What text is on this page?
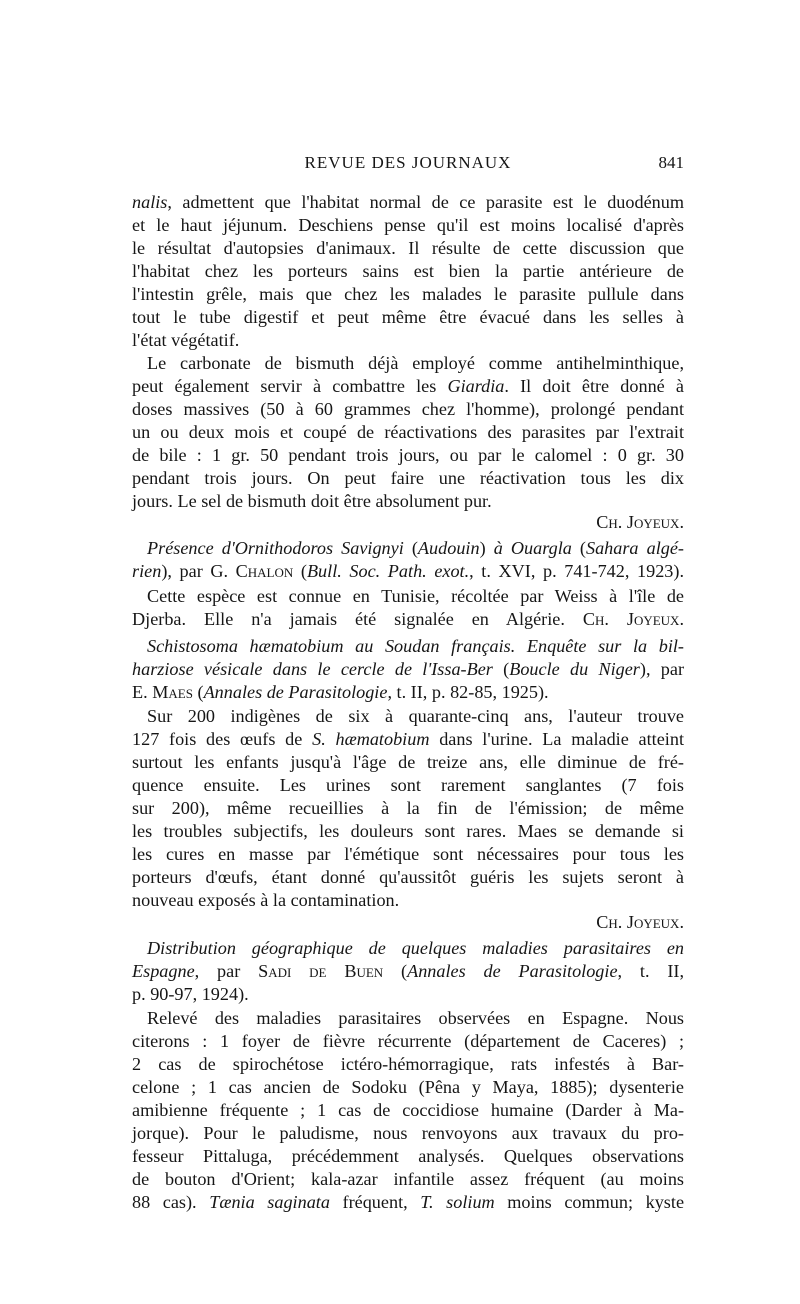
REVUE DES JOURNAUX	841
nalis, admettent que l'habitat normal de ce parasite est le duodénum
et le haut jéjunum. Deschiens pense qu'il est moins localisé d'après
le résultat d'autopsies d'animaux. Il résulte de cette discussion que
l'habitat chez les porteurs sains est bien la partie antérieure de
l'intestin grêle, mais que chez les malades le parasite pullule dans
tout le tube digestif et peut même être évacué dans les selles à
l'état végétatif.
Le carbonate de bismuth déjà employé comme antihelminthique,
peut également servir à combattre les Giardia. Il doit être donné à
doses massives (50 à 60 grammes chez l'homme), prolongé pendant
un ou deux mois et coupé de réactivations des parasites par l'extrait
de bile : 1 gr. 50 pendant trois jours, ou par le calomel : 0 gr. 30
pendant trois jours. On peut faire une réactivation tous les dix
jours. Le sel de bismuth doit être absolument pur.
Ch. Joyeux.
Présence d'Ornithodoros Savignyi (Audouin) à Ouargla (Sahara algé-
rien), par G. Chalon (Bull. Soc. Path. exot., t. XVI, p. 741-742, 1923).
Cette espèce est connue en Tunisie, récoltée par Weiss à l'île de
Djerba. Elle n'a jamais été signalée en Algérie. Ch. Joyeux.
Schistosoma hæmatobium au Soudan français. Enquête sur la bil-
harziose vésicale dans le cercle de l'Issa-Ber (Boucle du Niger), par
E. Maes (Annales de Parasitologie, t. II, p. 82-85, 1925).
Sur 200 indigènes de six à quarante-cinq ans, l'auteur trouve
127 fois des œufs de S. hæmatobium dans l'urine. La maladie atteint
surtout les enfants jusqu'à l'âge de treize ans, elle diminue de fré-
quence ensuite. Les urines sont rarement sanglantes (7 fois
sur 200), même recueillies à la fin de l'émission; de même
les troubles subjectifs, les douleurs sont rares. Maes se demande si
les cures en masse par l'émétique sont nécessaires pour tous les
porteurs d'œufs, étant donné qu'aussitôt guéris les sujets seront à
nouveau exposés à la contamination.
Ch. Joyeux.
Distribution géographique de quelques maladies parasitaires en
Espagne, par Sadi de Buen (Annales de Parasitologie, t. II,
p. 90-97, 1924).
Relevé des maladies parasitaires observées en Espagne. Nous
citerons : 1 foyer de fièvre récurrente (département de Caceres) ;
2 cas de spirochétose ictéro-hémorragique, rats infestés à Bar-
celone ; 1 cas ancien de Sodoku (Pêna y Maya, 1885); dysenterie
amibienne fréquente ; 1 cas de coccidiose humaine (Darder à Ma-
jorque). Pour le paludisme, nous renvoyons aux travaux du pro-
fesseur Pittaluga, précédemment analysés. Quelques observations
de bouton d'Orient; kala-azar infantile assez fréquent (au moins
88 cas). Tænia saginata fréquent, T. solium moins commun; kyste
